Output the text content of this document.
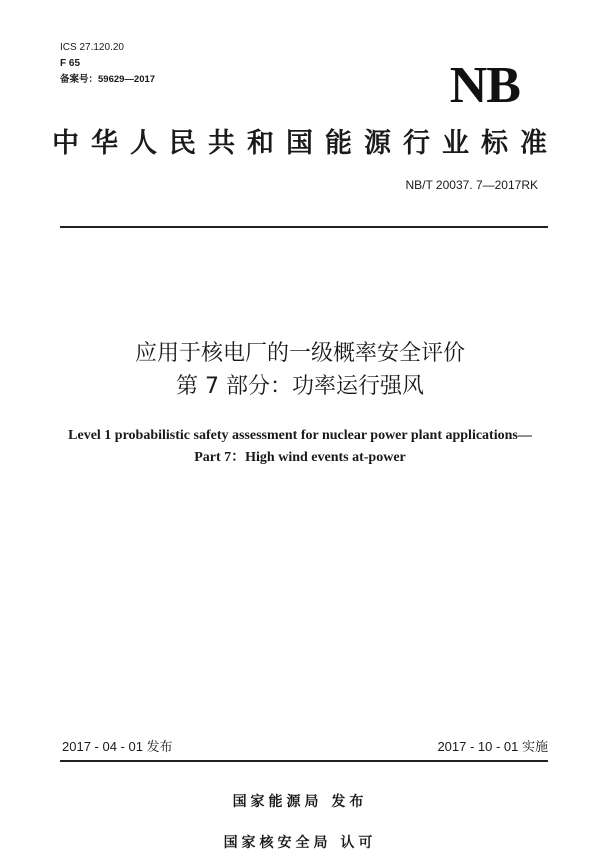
ICS 27.120.20
F 65
备案号：59629—2017	NB
中华人民共和国能源行业标准
NB/T 20037. 7—2017RK
应用于核电厂的一级概率安全评价
第 7 部分：功率运行强风
Level 1 probabilistic safety assessment for nuclear power plant applications—
Part 7：High wind events at-power
2017 - 04 - 01 发布	2017 - 10 - 01 实施
国家能源局 发布
国家核安全局 认可
